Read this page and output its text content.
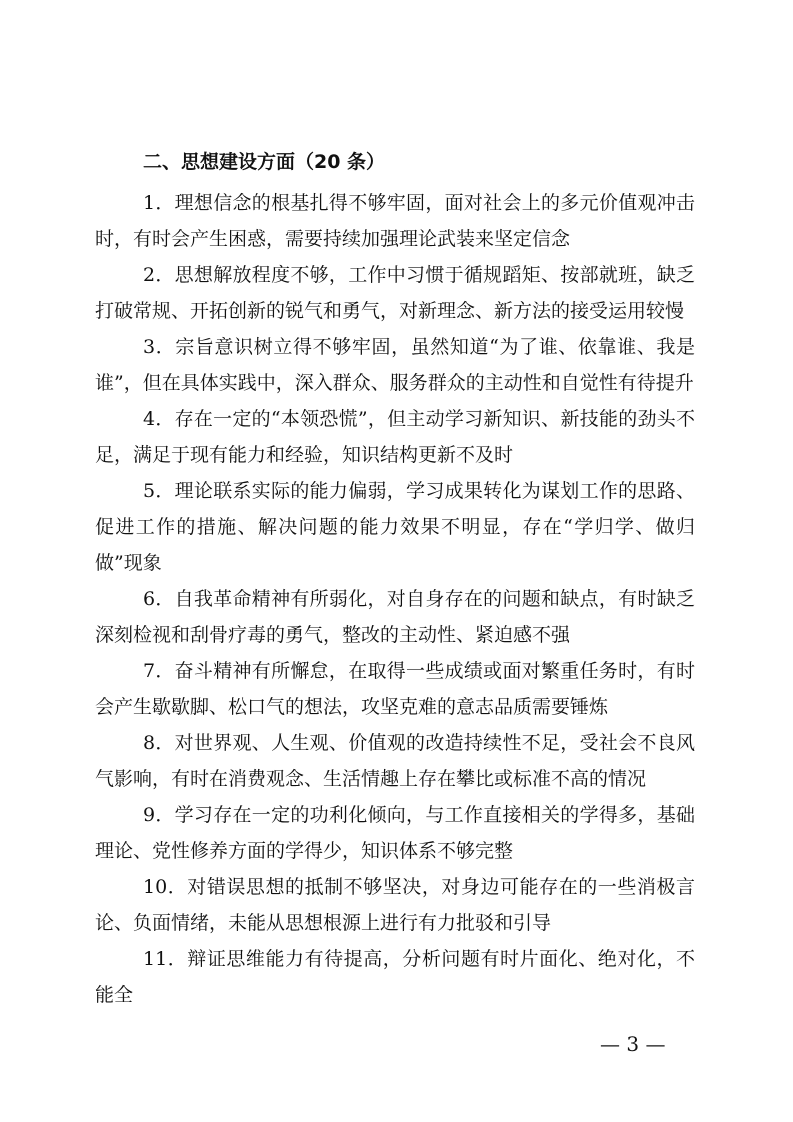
二、思想建设方面（20 条）

1．理想信念的根基扎得不够牢固，面对社会上的多元价值观冲击时，有时会产生困惑，需要持续加强理论武装来坚定信念

2．思想解放程度不够，工作中习惯于循规蹈矩、按部就班，缺乏打破常规、开拓创新的锐气和勇气，对新理念、新方法的接受运用较慢

3．宗旨意识树立得不够牢固，虽然知道“为了谁、依靠谁、我是谁”，但在具体实践中，深入群众、服务群众的主动性和自觉性有待提升

4．存在一定的“本领恐慌”，但主动学习新知识、新技能的劲头不足，满足于现有能力和经验，知识结构更新不及时

5．理论联系实际的能力偏弱，学习成果转化为谋划工作的思路、促进工作的措施、解决问题的能力效果不明显，存在“学归学、做归做”现象

6．自我革命精神有所弱化，对自身存在的问题和缺点，有时缺乏深刻检视和刮骨疗毒的勇气，整改的主动性、紧迫感不强

7．奋斗精神有所懈怠，在取得一些成绩或面对繁重任务时，有时会产生歇歇脚、松口气的想法，攻坚克难的意志品质需要锤炼

8．对世界观、人生观、价值观的改造持续性不足，受社会不良风气影响，有时在消费观念、生活情趣上存在攀比或标准不高的情况

9．学习存在一定的功利化倾向，与工作直接相关的学得多，基础理论、党性修养方面的学得少，知识体系不够完整

10．对错误思想的抵制不够坚决，对身边可能存在的一些消极言论、负面情绪，未能从思想根源上进行有力批驳和引导

11．辩证思维能力有待提高，分析问题有时片面化、绝对化，不能全

— 3 —
